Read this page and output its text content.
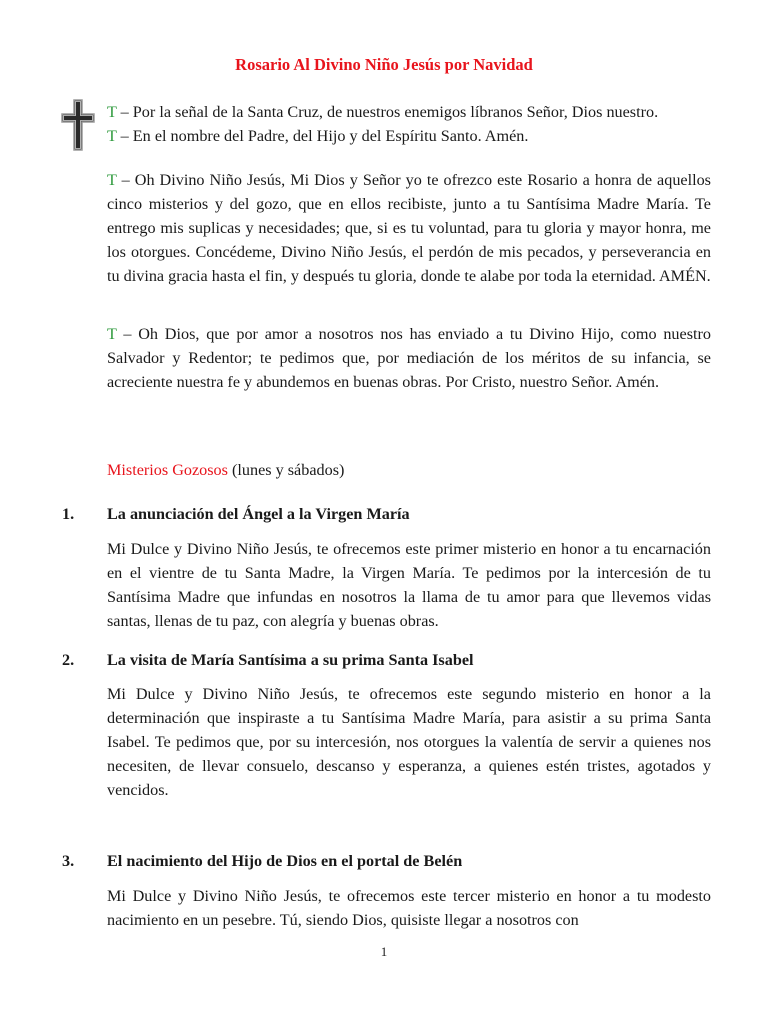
Rosario Al Divino Niño Jesús por Navidad
T – Por la señal de la Santa Cruz, de nuestros enemigos líbranos Señor, Dios nuestro.
T – En el nombre del Padre, del Hijo y del Espíritu Santo. Amén.
T – Oh Divino Niño Jesús, Mi Dios y Señor yo te ofrezco este Rosario a honra de aquellos cinco misterios y del gozo, que en ellos recibiste, junto a tu Santísima Madre María. Te entrego mis suplicas y necesidades; que, si es tu voluntad, para tu gloria y mayor honra, me los otorgues. Concédeme, Divino Niño Jesús, el perdón de mis pecados, y perseverancia en tu divina gracia hasta el fin, y después tu gloria, donde te alabe por toda la eternidad. AMÉN.
T – Oh Dios, que por amor a nosotros nos has enviado a tu Divino Hijo, como nuestro Salvador y Redentor; te pedimos que, por mediación de los méritos de su infancia, se acreciente nuestra fe y abundemos en buenas obras. Por Cristo, nuestro Señor. Amén.
Misterios Gozosos (lunes y sábados)
1. La anunciación del Ángel a la Virgen María
Mi Dulce y Divino Niño Jesús, te ofrecemos este primer misterio en honor a tu encarnación en el vientre de tu Santa Madre, la Virgen María. Te pedimos por la intercesión de tu Santísima Madre que infundas en nosotros la llama de tu amor para que llevemos vidas santas, llenas de tu paz, con alegría y buenas obras.
2. La visita de María Santísima a su prima Santa Isabel
Mi Dulce y Divino Niño Jesús, te ofrecemos este segundo misterio en honor a la determinación que inspiraste a tu Santísima Madre María, para asistir a su prima Santa Isabel. Te pedimos que, por su intercesión, nos otorgues la valentía de servir a quienes nos necesiten, de llevar consuelo, descanso y esperanza, a quienes estén tristes, agotados y vencidos.
3. El nacimiento del Hijo de Dios en el portal de Belén
Mi Dulce y Divino Niño Jesús, te ofrecemos este tercer misterio en honor a tu modesto nacimiento en un pesebre. Tú, siendo Dios, quisiste llegar a nosotros con
1
